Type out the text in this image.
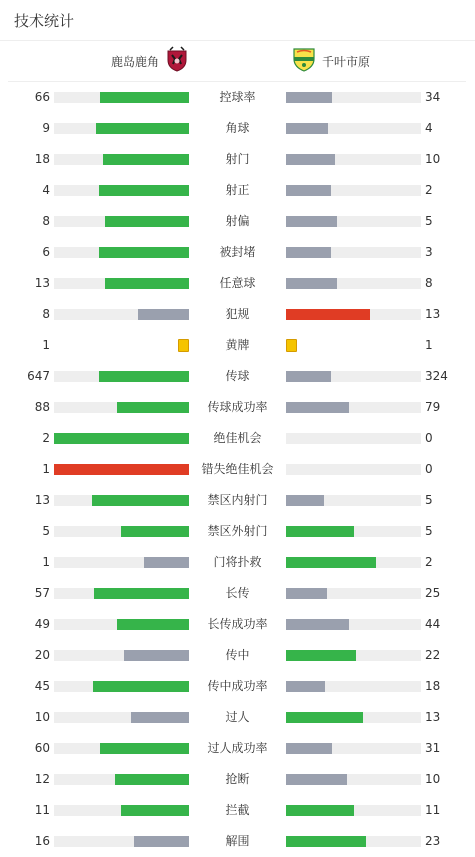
技术统计
鹿岛鹿角	千叶市原
66	控球率	34
9	角球	4
18	射门	10
4	射正	2
8	射偏	5
6	被封堵	3
13	任意球	8
8	犯规	13
1	黄牌	1
647	传球	324
88	传球成功率	79
2	绝佳机会	0
1	错失绝佳机会	0
13	禁区内射门	5
5	禁区外射门	5
1	门将扑救	2
57	长传	25
49	长传成功率	44
20	传中	22
45	传中成功率	18
10	过人	13
60	过人成功率	31
12	抢断	10
11	拦截	11
16	解围	23
